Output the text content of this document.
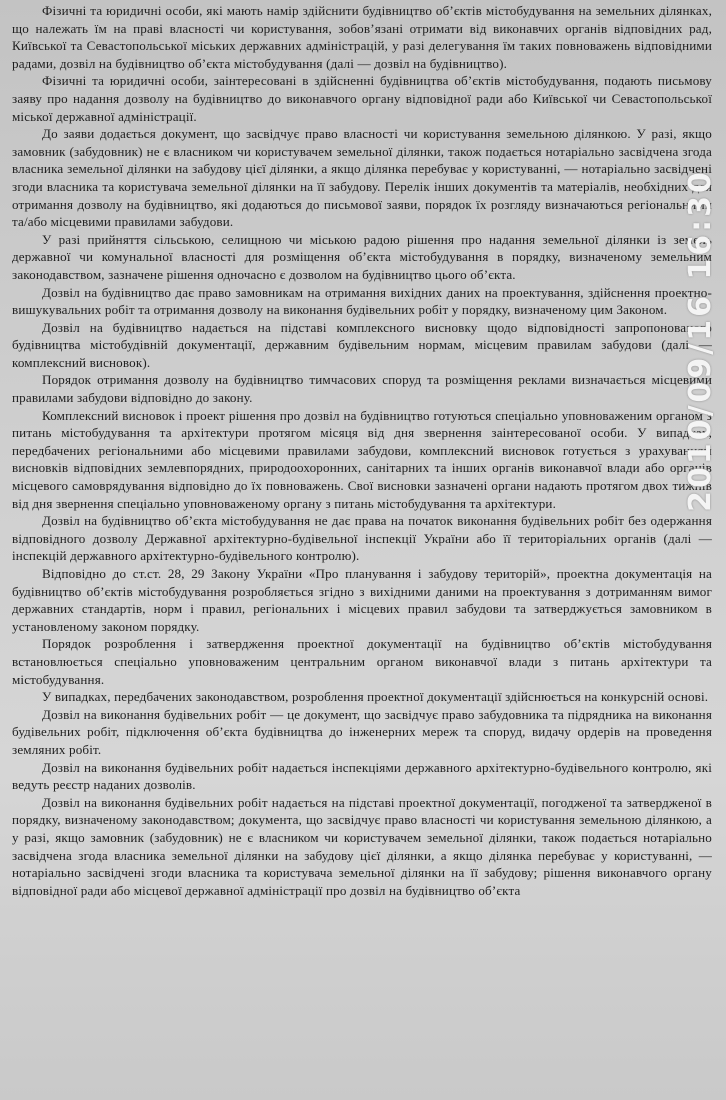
Фізичні та юридичні особи, які мають намір здійснити будівництво об’єктів містобудування на земельних ділянках, що належать їм на праві власності чи користування, зобов’язані отримати від виконавчих органів відповідних рад, Київської та Севастопольської міських державних адміністрацій, у разі делегування їм таких повноважень відповідними радами, дозвіл на будівництво об’єкта містобудування (далі — дозвіл на будівництво).

Фізичні та юридичні особи, заінтересовані в здійсненні будівництва об’єктів містобудування, подають письмову заяву про надання дозволу на будівництво до виконавчого органу відповідної ради або Київської чи Севастопольської міської державної адміністрації.

До заяви додається документ, що засвідчує право власності чи користування земельною ділянкою. У разі, якщо замовник (забудовник) не є власником чи користувачем земельної ділянки, також подається нотаріально засвідчена згода власника земельної ділянки на забудову цієї ділянки, а якщо ділянка перебуває у користуванні, — нотаріально засвідчені згоди власника та користувача земельної ділянки на її забудову. Перелік інших документів та матеріалів, необхідних для отримання дозволу на будівництво, які додаються до письмової заяви, порядок їх розгляду визначаються регіональними та/або місцевими правилами забудови.

У разі прийняття сільською, селищною чи міською радою рішення про надання земельної ділянки із земель державної чи комунальної власності для розміщення об’єкта містобудування в порядку, визначеному земельним законодавством, зазначене рішення одночасно є дозволом на будівництво цього об’єкта.

Дозвіл на будівництво дає право замовникам на отримання вихідних даних на проектування, здійснення проектно-вишукувальних робіт та отримання дозволу на виконання будівельних робіт у порядку, визначеному цим Законом.

Дозвіл на будівництво надається на підставі комплексного висновку щодо відповідності запропонованого будівництва містобудівній документації, державним будівельним нормам, місцевим правилам забудови (далі — комплексний висновок).

Порядок отримання дозволу на будівництво тимчасових споруд та розміщення реклами визначається місцевими правилами забудови відповідно до закону.

Комплексний висновок і проект рішення про дозвіл на будівництво готуються спеціально уповноваженим органом з питань містобудування та архітектури протягом місяця від дня звернення заінтересованої особи. У випадках, передбачених регіональними або місцевими правилами забудови, комплексний висновок готується з урахуванням висновків відповідних землевпорядних, природоохоронних, санітарних та інших органів виконавчої влади або органів місцевого самоврядування відповідно до їх повноважень. Свої висновки зазначені органи надають протягом двох тижнів від дня звернення спеціально уповноваженому органу з питань містобудування та архітектури.

Дозвіл на будівництво об’єкта містобудування не дає права на початок виконання будівельних робіт без одержання відповідного дозволу Державної архітектурно-будівельної інспекції України або її територіальних органів (далі — інспекцій державного архітектурно-будівельного контролю).

Відповідно до ст.ст. 28, 29 Закону України «Про планування і забудову територій», проектна документація на будівництво об’єктів містобудування розробляється згідно з вихідними даними на проектування з дотриманням вимог державних стандартів, норм і правил, регіональних і місцевих правил забудови та затверджується замовником в установленому законом порядку.

Порядок розроблення і затвердження проектної документації на будівництво об’єктів містобудування встановлюється спеціально уповноваженим центральним органом виконавчої влади з питань архітектури та містобудування.

У випадках, передбачених законодавством, розроблення проектної документації здійснюється на конкурсній основі.

Дозвіл на виконання будівельних робіт — це документ, що засвідчує право забудовника та підрядника на виконання будівельних робіт, підключення об’єкта будівництва до інженерних мереж та споруд, видачу ордерів на проведення земляних робіт.

Дозвіл на виконання будівельних робіт надається інспекціями державного архітектурно-будівельного контролю, які ведуть реєстр наданих дозволів.

Дозвіл на виконання будівельних робіт надається на підставі проектної документації, погодженої та затвердженої в порядку, визначеному законодавством; документа, що засвідчує право власності чи користування земельною ділянкою, а у разі, якщо замовник (забудовник) не є власником чи користувачем земельної ділянки, також подається нотаріально засвідчена згода власника земельної ділянки на забудову цієї ділянки, а якщо ділянка перебуває у користуванні, — нотаріально засвідчені згоди власника та користувача земельної ділянки на її забудову; рішення виконавчого органу відповідної ради або місцевої державної адміністрації про дозвіл на будівництво об’єкта

2010/09/16 16:30
